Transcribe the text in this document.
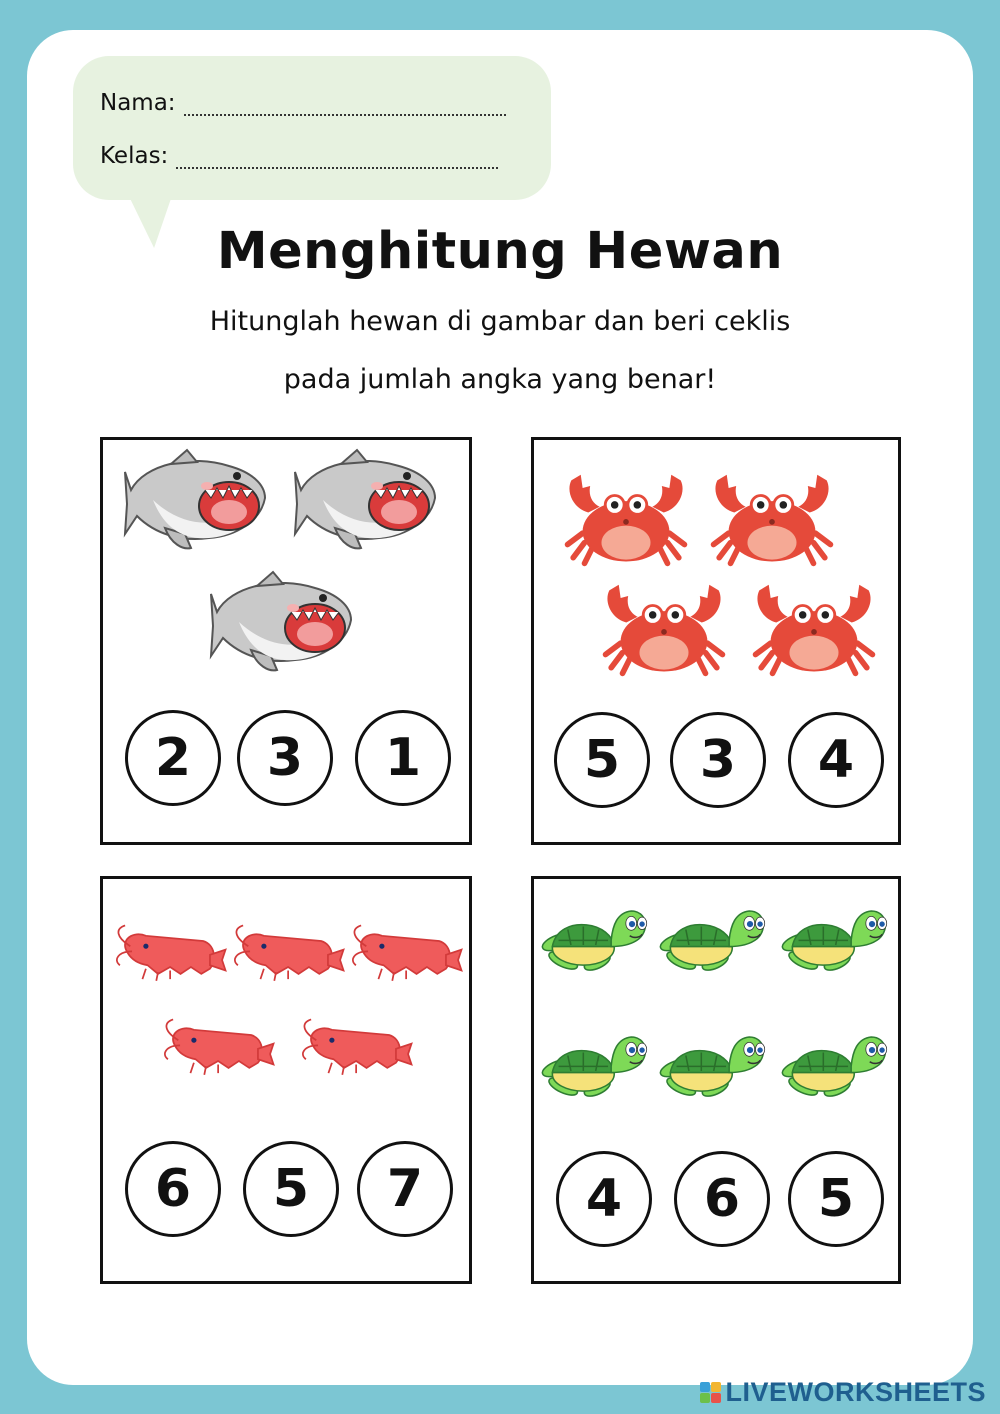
Nama:
Kelas:
Menghitung Hewan
Hitunglah hewan di gambar dan beri ceklis
pada jumlah angka yang benar!
2	3	1	5	3	4
6	5	7	4	6	5
LIVEWORKSHEETS
